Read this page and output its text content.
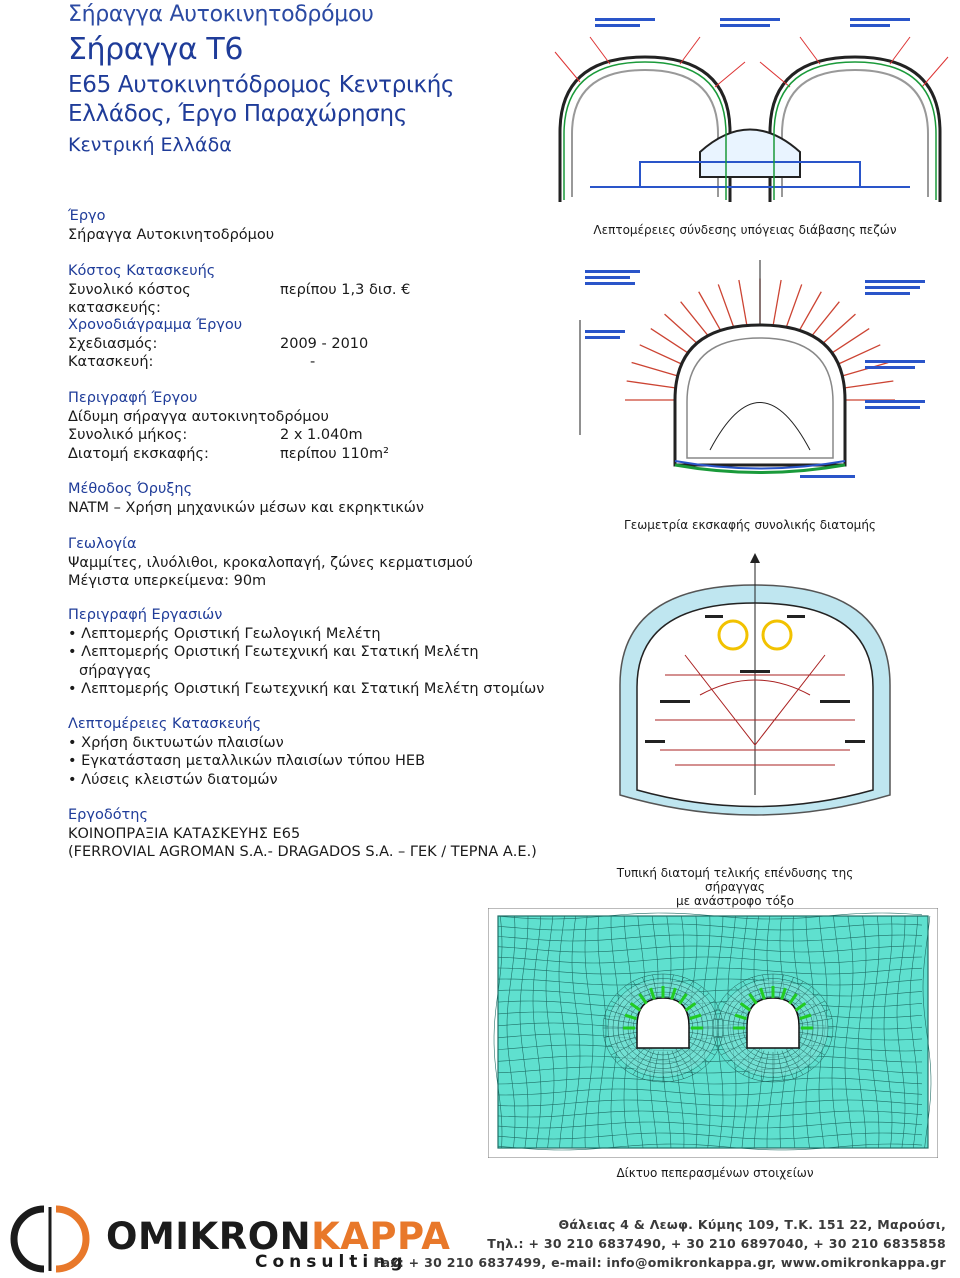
Σήραγγα Αυτοκινητοδρόμου
Σήραγγα Τ6
Ε65 Αυτοκινητόδρομος Κεντρικής
Ελλάδος, Έργο Παραχώρησης
Κεντρική Ελλάδα
Έργο
Σήραγγα Αυτοκινητοδρόμου
Κόστος Κατασκευής
Συνολικό κόστος κατασκευής:
περίπου 1,3 δισ. €
Χρονοδιάγραμμα Έργου
Σχεδιασμός:	2009 - 2010
Κατασκευή:	-
Περιγραφή Έργου
Δίδυμη σήραγγα αυτοκινητοδρόμου
Συνολικό μήκος:	2 x 1.040m
Διατομή εκσκαφής:	περίπου 110m²
Μέθοδος Όρυξης
NATM – Χρήση μηχανικών μέσων και εκρηκτικών
Γεωλογία
Ψαμμίτες, ιλυόλιθοι, κροκαλοπαγή, ζώνες κερματισμού
Μέγιστα υπερκείμενα: 90m
Περιγραφή Εργασιών
• Λεπτομερής Οριστική Γεωλογική Μελέτη
• Λεπτομερής Οριστική Γεωτεχνική και Στατική Μελέτη
σήραγγας
• Λεπτομερής Οριστική Γεωτεχνική και Στατική Μελέτη στομίων
Λεπτομέρειες Κατασκευής
• Χρήση δικτυωτών πλαισίων
• Εγκατάσταση μεταλλικών πλαισίων τύπου ΗΕΒ
• Λύσεις κλειστών διατομών
Εργοδότης
ΚΟΙΝΟΠΡΑΞΙΑ ΚΑΤΑΣΚΕΥΗΣ Ε65
(FERROVIAL AGROMAN S.A.- DRAGADOS S.A. – ΓΕΚ / ΤΕΡΝΑ Α.Ε.)
Λεπτομέρειες σύνδεσης υπόγειας διάβασης πεζών
Γεωμετρία εκσκαφής συνολικής διατομής
Τυπική διατομή τελικής επένδυσης της σήραγγας
με ανάστροφο τόξο
Δίκτυο πεπερασμένων στοιχείων
OMIKRONKAPPA
Consulting
Θάλειας 4 & Λεωφ. Κύμης 109, Τ.Κ. 151 22, Μαρούσι,
Τηλ.: + 30 210 6837490, + 30 210 6897040, + 30 210 6835858
Fax: + 30 210 6837499, e-mail: info@omikronkappa.gr, www.omikronkappa.gr
